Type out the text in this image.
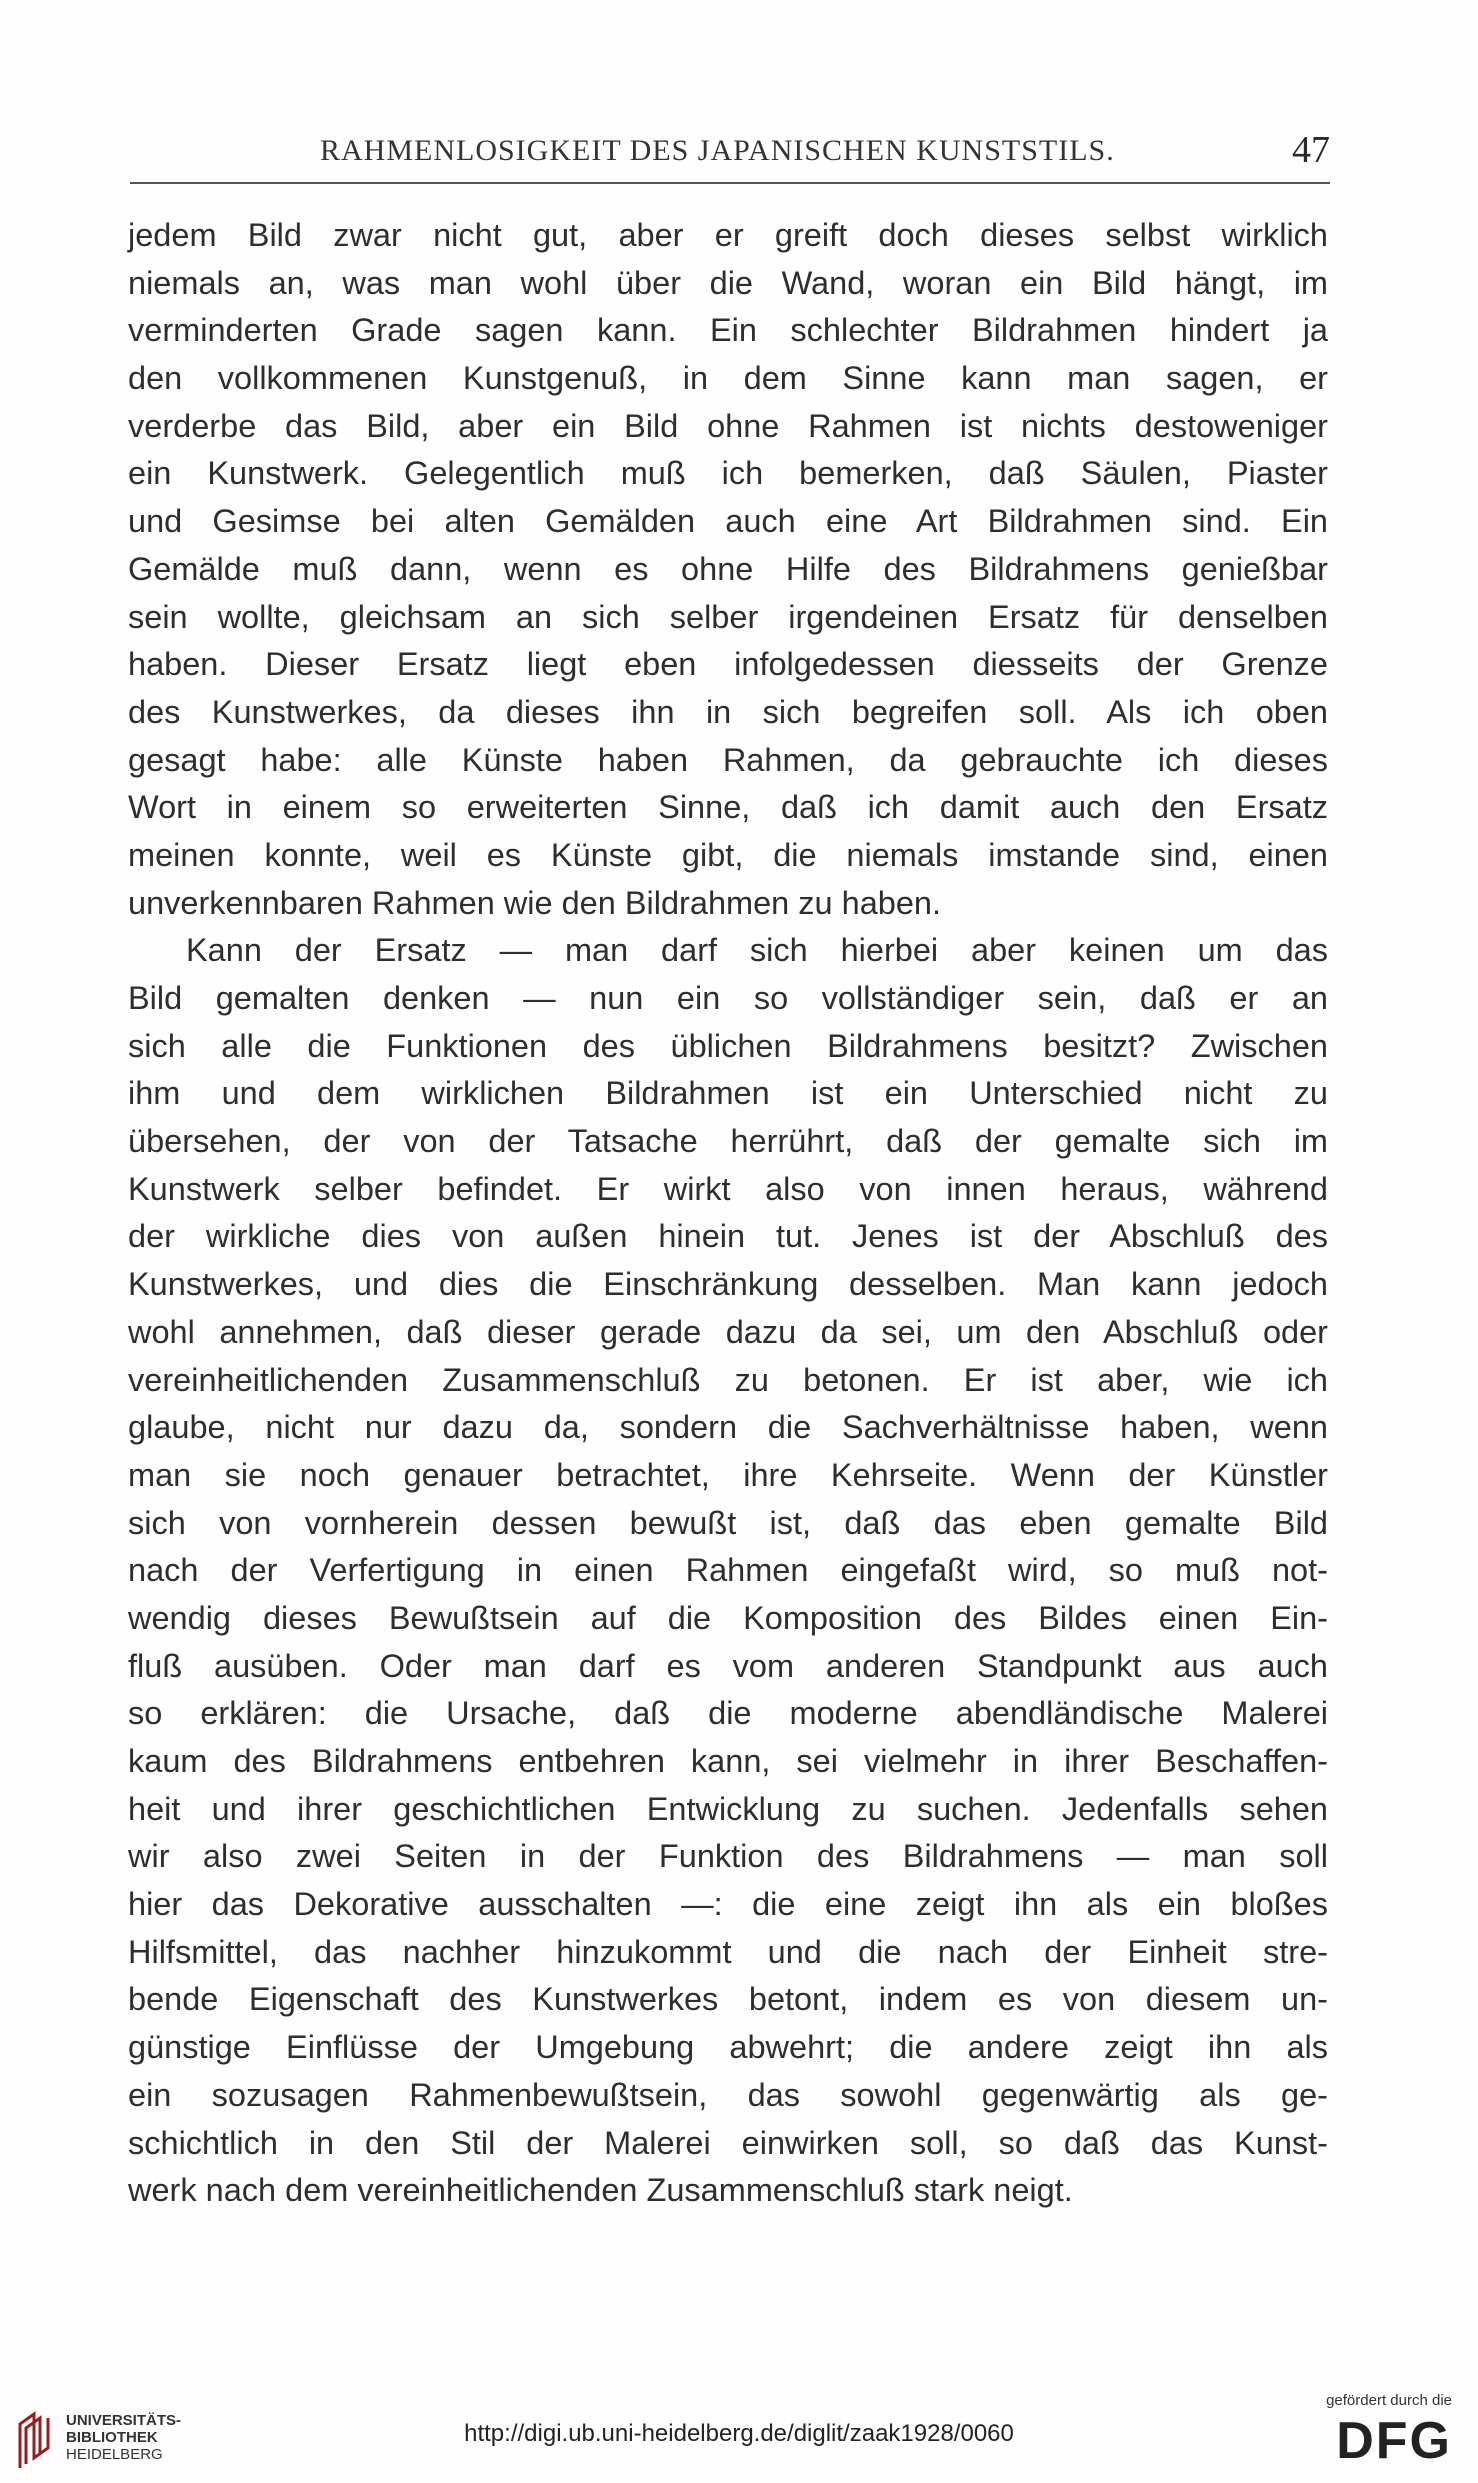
RAHMENLOSIGKEIT DES JAPANISCHEN KUNSTSTILS.	47
jedem Bild zwar nicht gut, aber er greift doch dieses selbst wirklich
niemals an, was man wohl über die Wand, woran ein Bild hängt, im
verminderten Grade sagen kann. Ein schlechter Bildrahmen hindert ja
den vollkommenen Kunstgenuß, in dem Sinne kann man sagen, er
verderbe das Bild, aber ein Bild ohne Rahmen ist nichts destoweniger
ein Kunstwerk. Gelegentlich muß ich bemerken, daß Säulen, Piaster
und Gesimse bei alten Gemälden auch eine Art Bildrahmen sind. Ein
Gemälde muß dann, wenn es ohne Hilfe des Bildrahmens genießbar
sein wollte, gleichsam an sich selber irgendeinen Ersatz für denselben
haben. Dieser Ersatz liegt eben infolgedessen diesseits der Grenze
des Kunstwerkes, da dieses ihn in sich begreifen soll. Als ich oben
gesagt habe: alle Künste haben Rahmen, da gebrauchte ich dieses
Wort in einem so erweiterten Sinne, daß ich damit auch den Ersatz
meinen konnte, weil es Künste gibt, die niemals imstande sind, einen
unverkennbaren Rahmen wie den Bildrahmen zu haben.
Kann der Ersatz — man darf sich hierbei aber keinen um das
Bild gemalten denken — nun ein so vollständiger sein, daß er an
sich alle die Funktionen des üblichen Bildrahmens besitzt? Zwischen
ihm und dem wirklichen Bildrahmen ist ein Unterschied nicht zu
übersehen, der von der Tatsache herrührt, daß der gemalte sich im
Kunstwerk selber befindet. Er wirkt also von innen heraus, während
der wirkliche dies von außen hinein tut. Jenes ist der Abschluß des
Kunstwerkes, und dies die Einschränkung desselben. Man kann jedoch
wohl annehmen, daß dieser gerade dazu da sei, um den Abschluß oder
vereinheitlichenden Zusammenschluß zu betonen. Er ist aber, wie ich
glaube, nicht nur dazu da, sondern die Sachverhältnisse haben, wenn
man sie noch genauer betrachtet, ihre Kehrseite. Wenn der Künstler
sich von vornherein dessen bewußt ist, daß das eben gemalte Bild
nach der Verfertigung in einen Rahmen eingefaßt wird, so muß not-
wendig dieses Bewußtsein auf die Komposition des Bildes einen Ein-
fluß ausüben. Oder man darf es vom anderen Standpunkt aus auch
so erklären: die Ursache, daß die moderne abendländische Malerei
kaum des Bildrahmens entbehren kann, sei vielmehr in ihrer Beschaffen-
heit und ihrer geschichtlichen Entwicklung zu suchen. Jedenfalls sehen
wir also zwei Seiten in der Funktion des Bildrahmens — man soll
hier das Dekorative ausschalten —: die eine zeigt ihn als ein bloßes
Hilfsmittel, das nachher hinzukommt und die nach der Einheit stre-
bende Eigenschaft des Kunstwerkes betont, indem es von diesem un-
günstige Einflüsse der Umgebung abwehrt; die andere zeigt ihn als
ein sozusagen Rahmenbewußtsein, das sowohl gegenwärtig als ge-
schichtlich in den Stil der Malerei einwirken soll, so daß das Kunst-
werk nach dem vereinheitlichenden Zusammenschluß stark neigt.
UNIVERSITÄTS-
BIBLIOTHEK
HEIDELBERG
http://digi.ub.uni-heidelberg.de/diglit/zaak1928/0060
gefördert durch die
DFG
